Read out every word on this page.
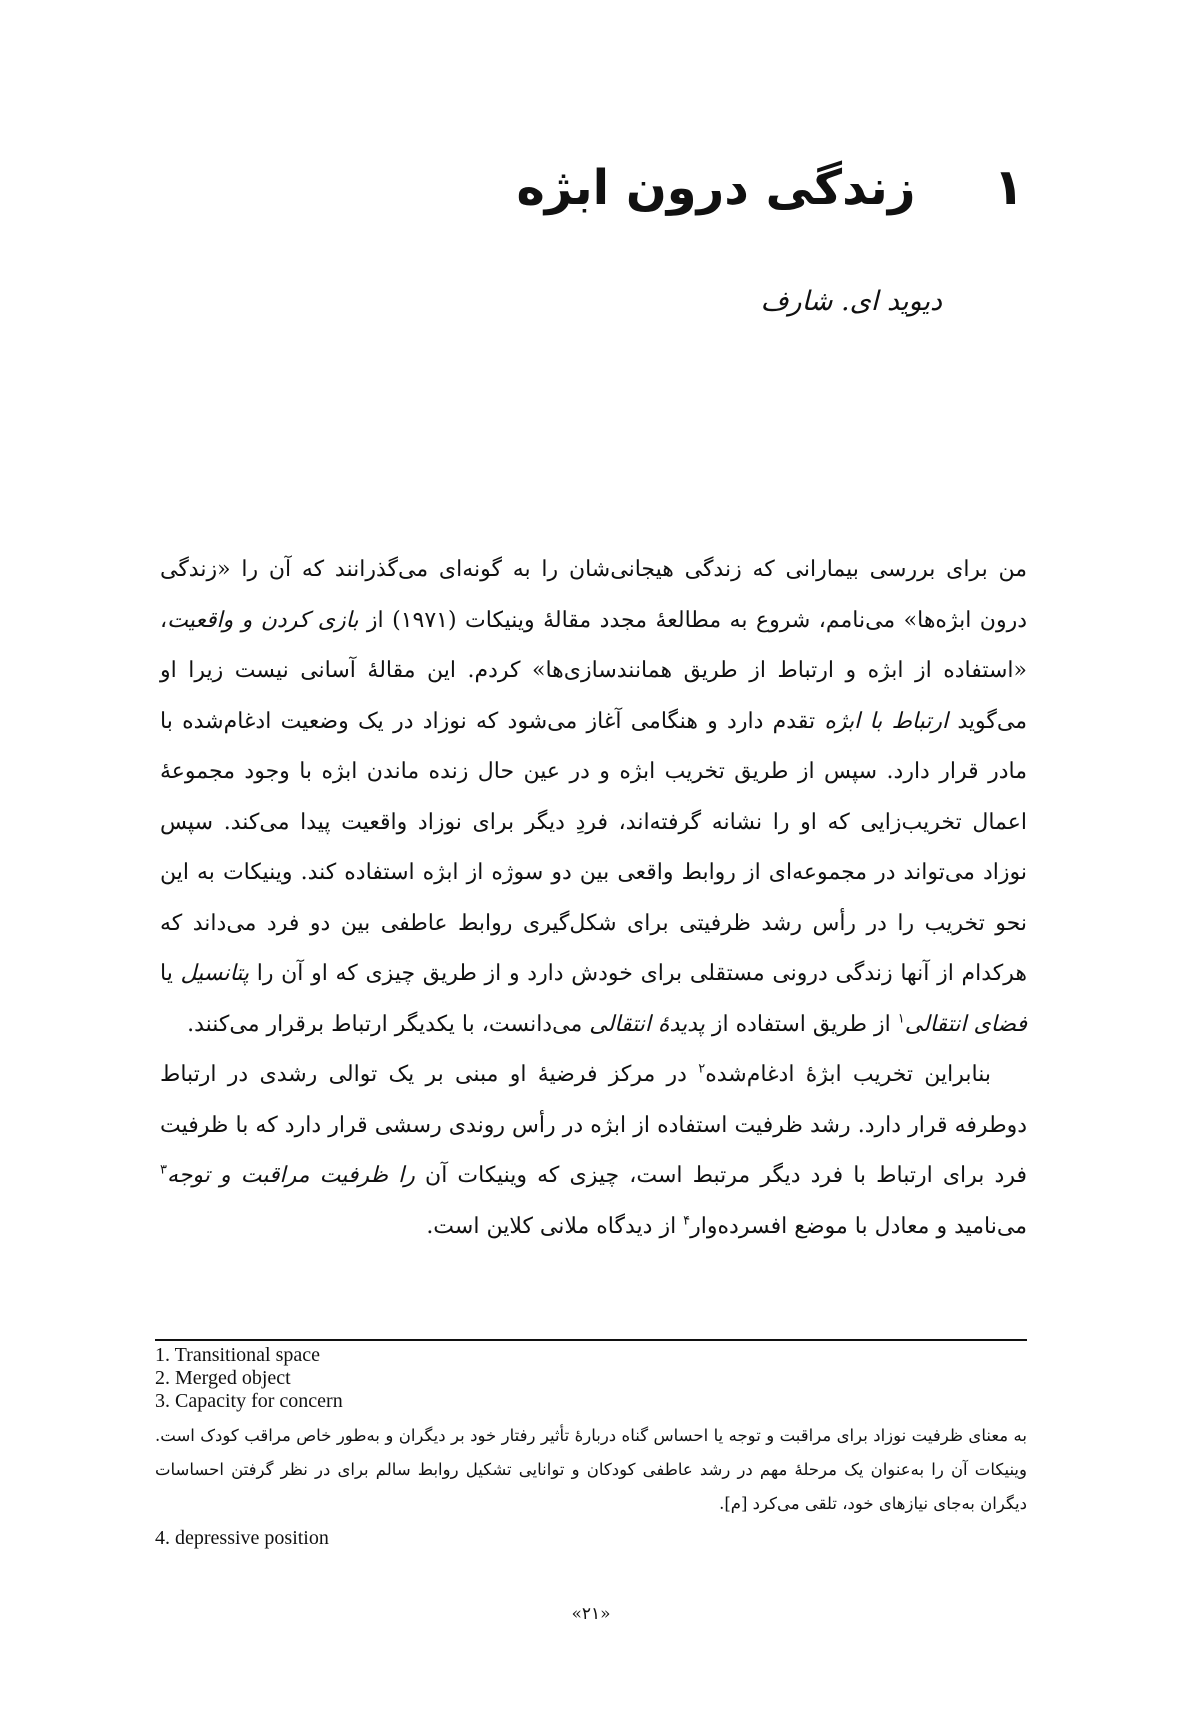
۱
زندگی درون ابژه
دیوید ای. شارف

من برای بررسی بیمارانی که زندگی هیجانی‌شان را به گونه‌ای می‌گذرانند که آن را «زندگی درون ابژه‌ها» می‌نامم، شروع به مطالعهٔ مجدد مقالهٔ وینیکات (۱۹۷۱) از بازی کردن و واقعیت، «استفاده از ابژه و ارتباط از طریق همانندسازی‌ها» کردم. این مقالهٔ آسانی نیست زیرا او می‌گوید ارتباط با ابژه تقدم دارد و هنگامی آغاز می‌شود که نوزاد در یک وضعیت ادغام‌شده با مادر قرار دارد. سپس از طریق تخریب ابژه و در عین حال زنده ماندن ابژه با وجود مجموعهٔ اعمال تخریب‌زایی که او را نشانه گرفته‌اند، فردِ دیگر برای نوزاد واقعیت پیدا می‌کند. سپس نوزاد می‌تواند در مجموعه‌ای از روابط واقعی بین دو سوژه از ابژه استفاده کند. وینیکات به این نحو تخریب را در رأس رشد ظرفیتی برای شکل‌گیری روابط عاطفی بین دو فرد می‌داند که هرکدام از آنها زندگی درونی مستقلی برای خودش دارد و از طریق چیزی که او آن را پتانسیل یا فضای انتقالی$^۱$ از طریق استفاده از پدیدهٔ انتقالی می‌دانست، با یکدیگر ارتباط برقرار می‌کنند.

بنابراین تخریب ابژهٔ ادغام‌شده$^۲$ در مرکز فرضیهٔ او مبنی بر یک توالی رشدی در ارتباط دوطرفه قرار دارد. رشد ظرفیت استفاده از ابژه در رأس روندی رسشی قرار دارد که با ظرفیت فرد برای ارتباط با فرد دیگر مرتبط است، چیزی که وینیکات آن را ظرفیت مراقبت و توجه$^۳$ می‌نامید و معادل با موضع افسرده‌وار$^۴$ از دیدگاه ملانی کلاین است.

1. Transitional space
2. Merged object
3. Capacity for concern
به معنای ظرفیت نوزاد برای مراقبت و توجه یا احساس گناه دربارهٔ تأثیر رفتار خود بر دیگران و به‌طور خاص مراقب کودک است. وینیکات آن را به‌عنوان یک مرحلهٔ مهم در رشد عاطفی کودکان و توانایی تشکیل روابط سالم برای در نظر گرفتن احساسات دیگران به‌جای نیازهای خود، تلقی می‌کرد [م].
4. depressive position
«۲۱»
